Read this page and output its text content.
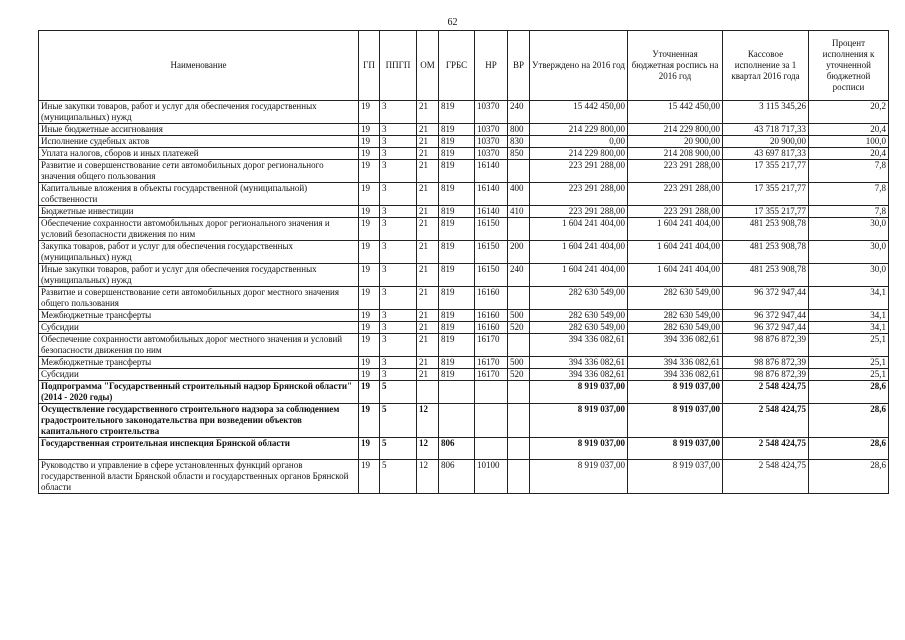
62
Наименование	ГП	ППГП	ОМ	ГРБС	НР	ВР	Утверждено на 2016 год	Уточненная бюджетная роспись на 2016 год	Кассовое исполнение за 1 квартал 2016 года	Процент исполнения к уточненной бюджетной росписи
Иные закупки товаров, работ и услуг для обеспечения государственных (муниципальных) нужд	19	3	21	819	10370	240	15 442 450,00	15 442 450,00	3 115 345,26	20,2
Иные бюджетные ассигнования	19	3	21	819	10370	800	214 229 800,00	214 229 800,00	43 718 717,33	20,4
Исполнение судебных актов	19	3	21	819	10370	830	0,00	20 900,00	20 900,00	100,0
Уплата налогов, сборов и иных платежей	19	3	21	819	10370	850	214 229 800,00	214 208 900,00	43 697 817,33	20,4
Развитие и совершенствование сети автомобильных дорог регионального значения общего пользования	19	3	21	819	16140		223 291 288,00	223 291 288,00	17 355 217,77	7,8
Капитальные вложения в объекты государственной (муниципальной) собственности	19	3	21	819	16140	400	223 291 288,00	223 291 288,00	17 355 217,77	7,8
Бюджетные инвестиции	19	3	21	819	16140	410	223 291 288,00	223 291 288,00	17 355 217,77	7,8
Обеспечение сохранности автомобильных дорог регионального значения и условий безопасности движения по ним	19	3	21	819	16150		1 604 241 404,00	1 604 241 404,00	481 253 908,78	30,0
Закупка товаров, работ и услуг для обеспечения государственных (муниципальных) нужд	19	3	21	819	16150	200	1 604 241 404,00	1 604 241 404,00	481 253 908,78	30,0
Иные закупки товаров, работ и услуг для обеспечения государственных (муниципальных) нужд	19	3	21	819	16150	240	1 604 241 404,00	1 604 241 404,00	481 253 908,78	30,0
Развитие и совершенствование сети автомобильных дорог местного значения общего пользования	19	3	21	819	16160		282 630 549,00	282 630 549,00	96 372 947,44	34,1
Межбюджетные трансферты	19	3	21	819	16160	500	282 630 549,00	282 630 549,00	96 372 947,44	34,1
Субсидии	19	3	21	819	16160	520	282 630 549,00	282 630 549,00	96 372 947,44	34,1
Обеспечение сохранности автомобильных дорог местного значения и условий безопасности движения по ним	19	3	21	819	16170		394 336 082,61	394 336 082,61	98 876 872,39	25,1
Межбюджетные трансферты	19	3	21	819	16170	500	394 336 082,61	394 336 082,61	98 876 872,39	25,1
Субсидии	19	3	21	819	16170	520	394 336 082,61	394 336 082,61	98 876 872,39	25,1
Подпрограмма "Государственный строительный надзор Брянской области" (2014 - 2020 годы)	19	5					8 919 037,00	8 919 037,00	2 548 424,75	28,6
Осуществление государственного строительного надзора за соблюдением градостроительного законодательства при возведении объектов капитального строительства	19	5	12				8 919 037,00	8 919 037,00	2 548 424,75	28,6
Государственная строительная инспекция Брянской области	19	5	12	806			8 919 037,00	8 919 037,00	2 548 424,75	28,6
Руководство и управление в сфере установленных функций органов государственной власти Брянской области и государственных органов Брянской области	19	5	12	806	10100		8 919 037,00	8 919 037,00	2 548 424,75	28,6
